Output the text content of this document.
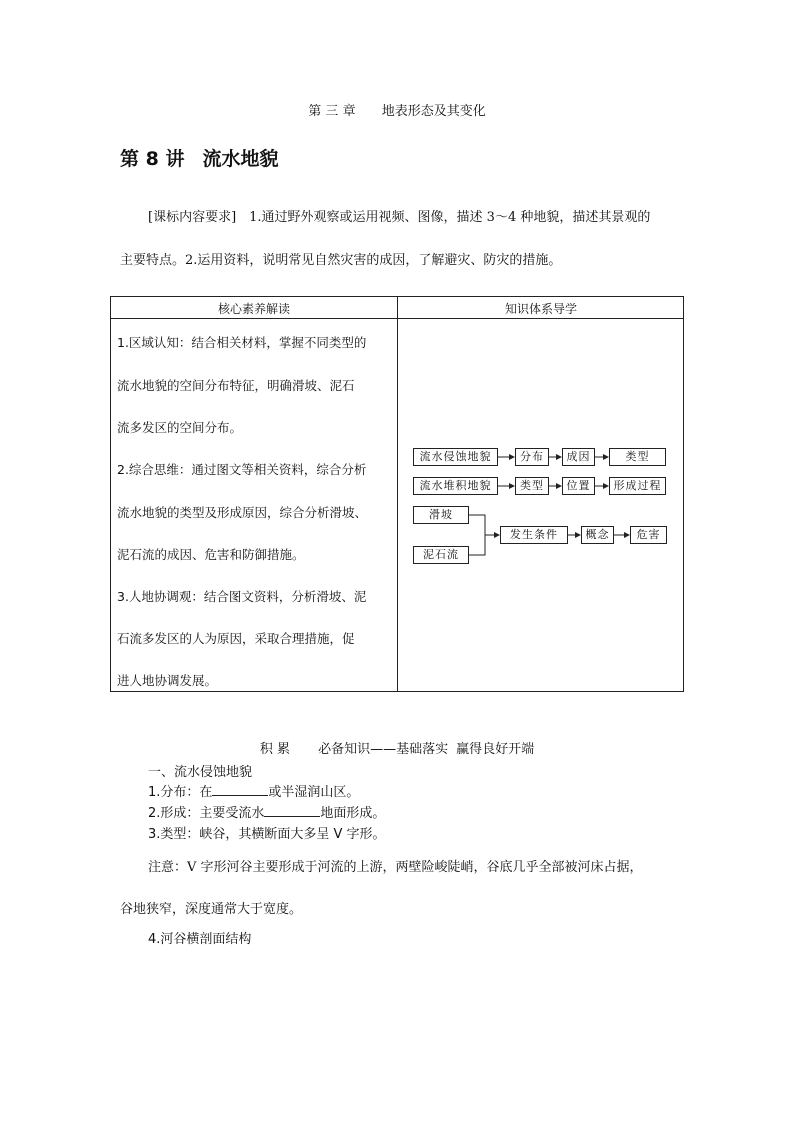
第 三 章 地表形态及其变化
第 8 讲 流水地貌
[课标内容要求]　1.通过野外观察或运用视频、图像，描述 3～4 种地貌，描述其景观的
主要特点。2.运用资料，说明常见自然灾害的成因，了解避灾、防灾的措施。
核心素养解读	知识体系导学
1.区域认知：结合相关材料，掌握不同类型的
流水地貌的空间分布特征，明确滑坡、泥石
流多发区的空间分布。
2.综合思维：通过图文等相关资料，综合分析
流水地貌的类型及形成原因，综合分析滑坡、
泥石流的成因、危害和防御措施。
3.人地协调观：结合图文资料，分析滑坡、泥
石流多发区的人为原因，采取合理措施，促
进人地协调发展。
流水侵蚀地貌	分布	成因	类型
流水堆积地貌	类型	位置	形成过程
滑坡
泥石流
发生条件	概念	危害
积 累 必备知识——基础落实 赢得良好开端
一、流水侵蚀地貌
1.分布：在	或半湿润山区。
2.形成：主要受流水	地面形成。
3.类型：峡谷，其横断面大多呈 V 字形。
注意：V 字形河谷主要形成于河流的上游，两壁险峻陡峭，谷底几乎全部被河床占据，
谷地狭窄，深度通常大于宽度。
4.河谷横剖面结构
